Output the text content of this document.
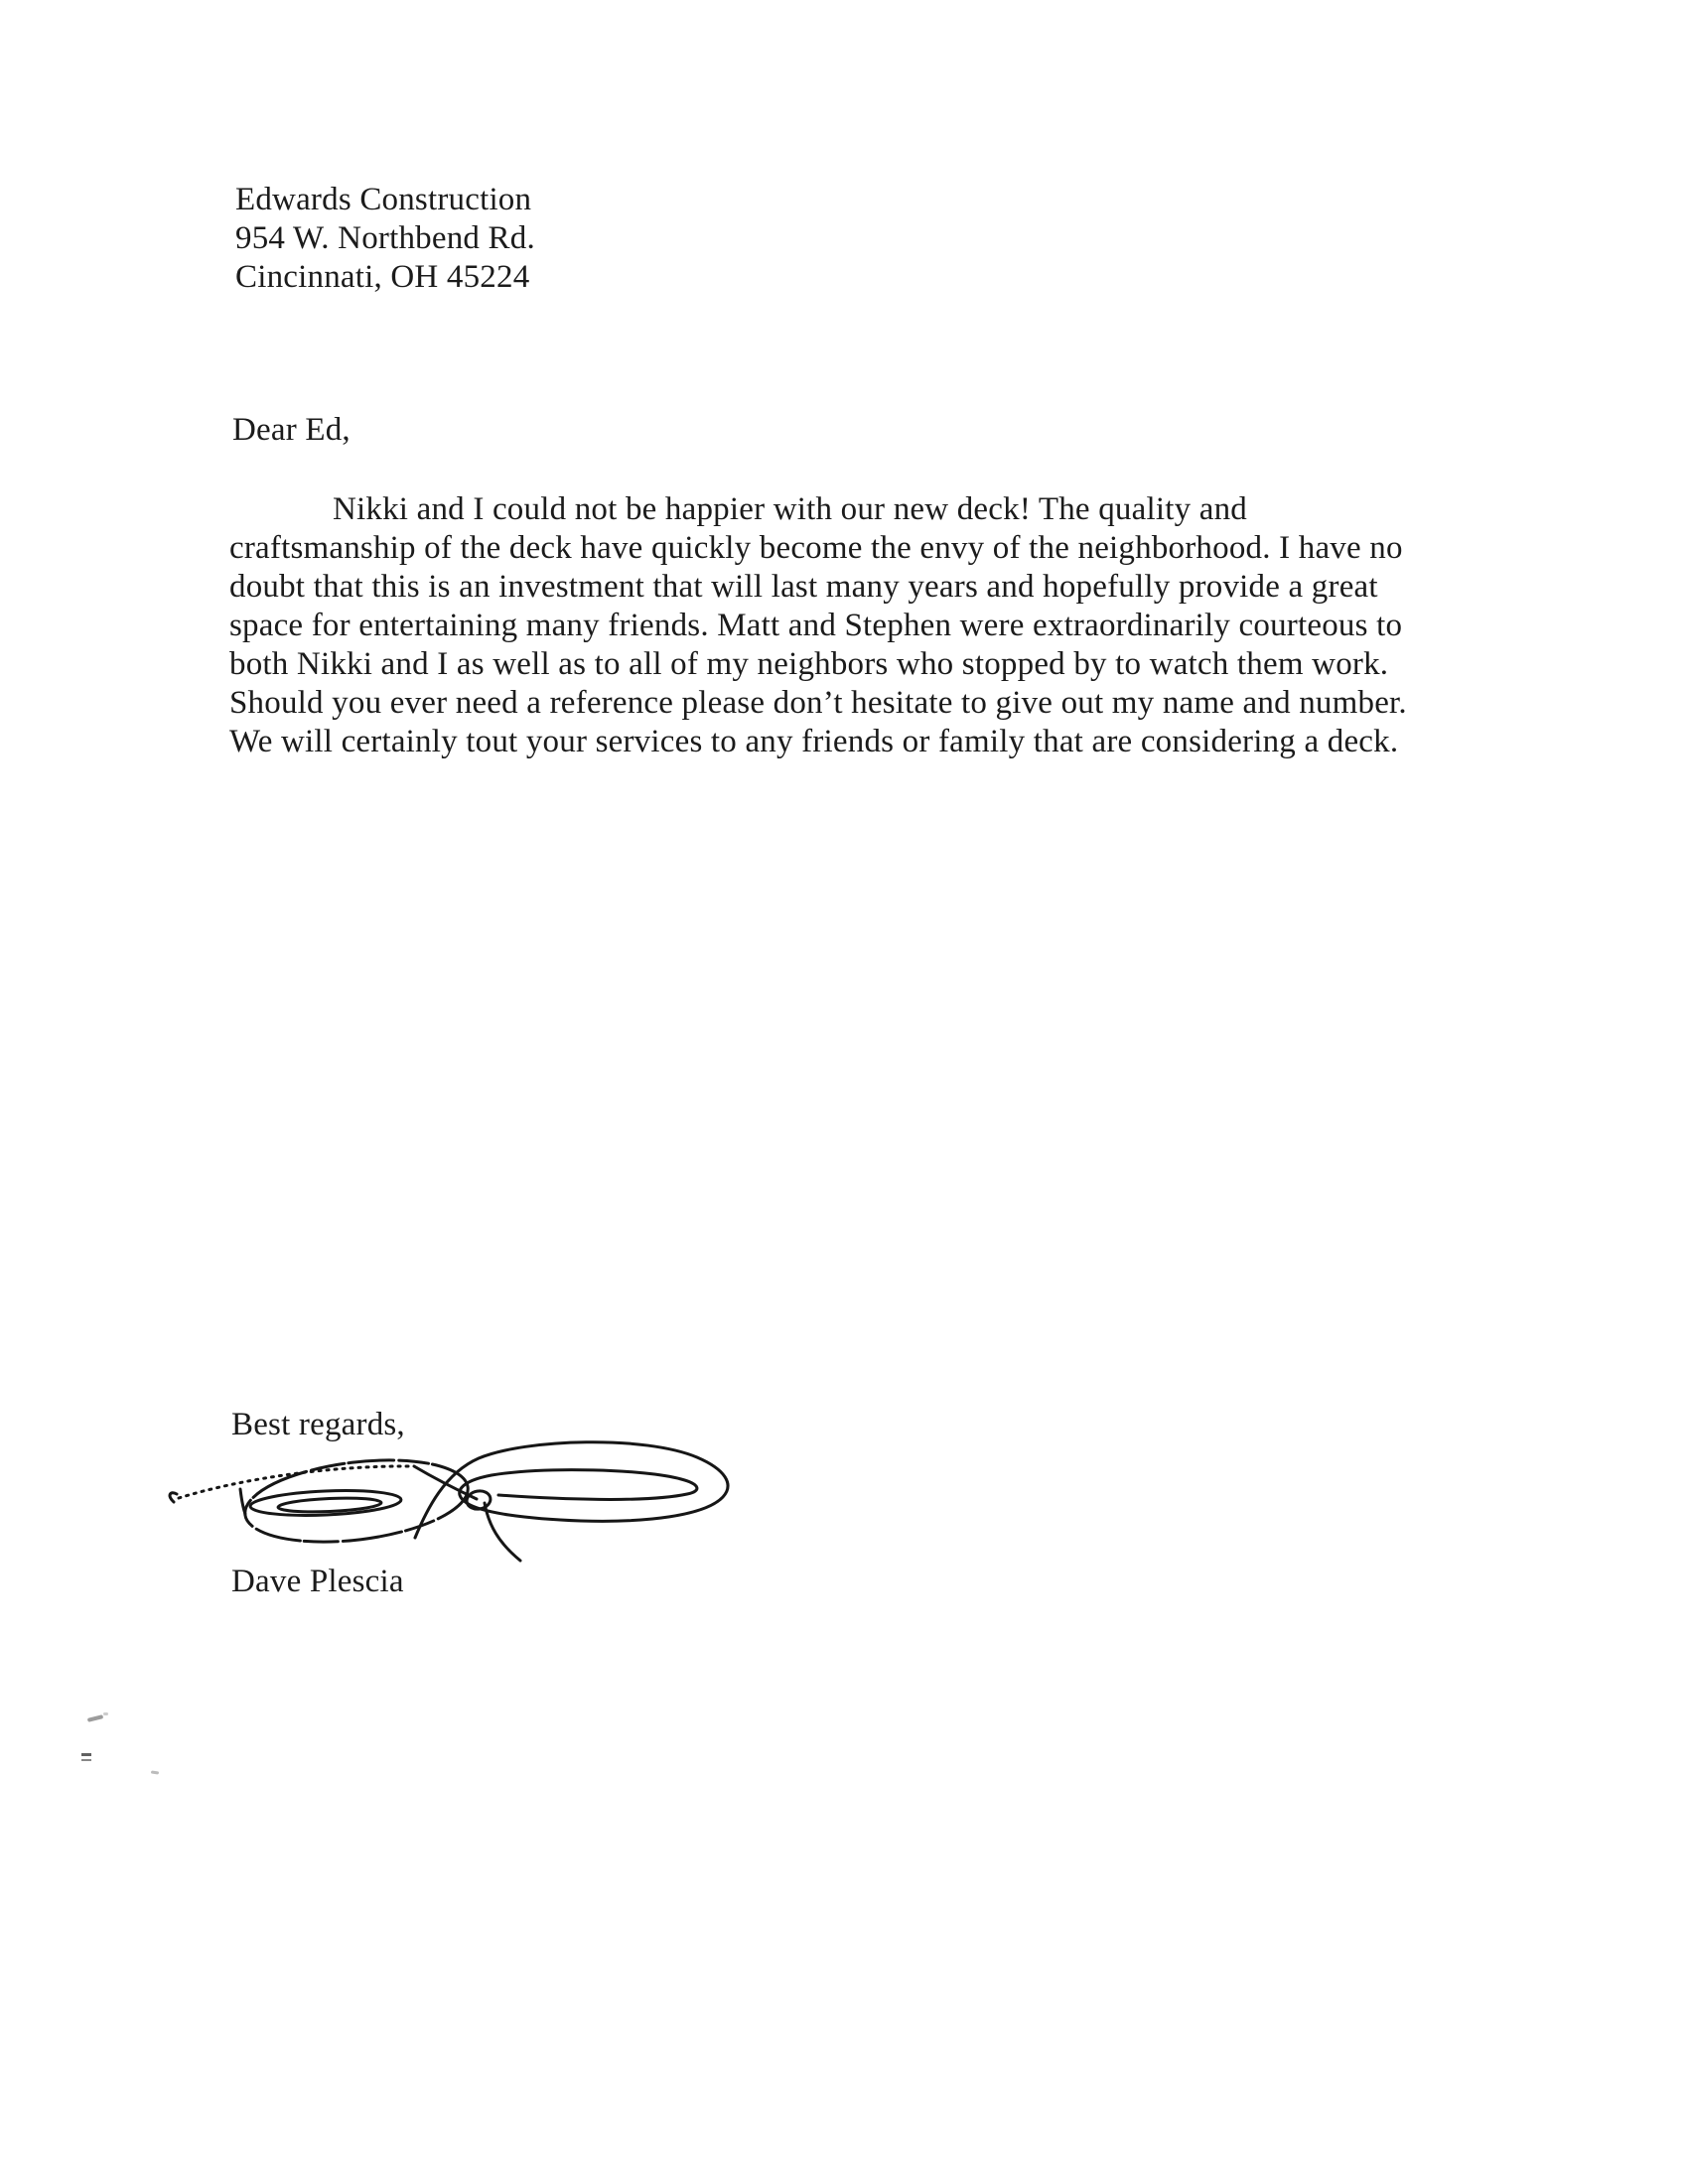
Edwards Construction
954 W. Northbend Rd.
Cincinnati, OH 45224
Dear Ed,
Nikki and I could not be happier with our new deck! The quality and
craftsmanship of the deck have quickly become the envy of the neighborhood. I have no
doubt that this is an investment that will last many years and hopefully provide a great
space for entertaining many friends. Matt and Stephen were extraordinarily courteous to
both Nikki and I as well as to all of my neighbors who stopped by to watch them work.
Should you ever need a reference please don’t hesitate to give out my name and number.
We will certainly tout your services to any friends or family that are considering a deck.
Best regards,
Dave Plescia
